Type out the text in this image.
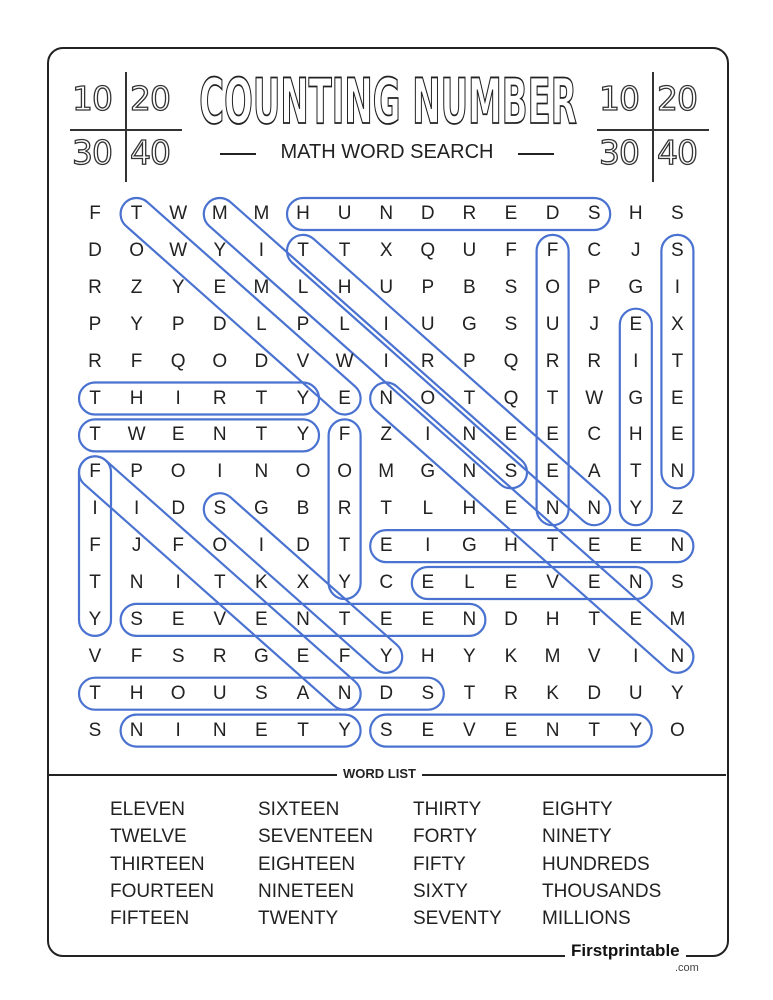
10 20
30 40
10 20
30 40
COUNTING NUMBER
MATH WORD SEARCH
F	T	W	M	M	H	U	N	D	R	E	D	S	H	S
D	O	W	Y	I	T	T	X	Q	U	F	F	C	J	S
R	Z	Y	E	M	L	H	U	P	B	S	O	P	G	I
P	Y	P	D	L	P	L	I	U	G	S	U	J	E	X
R	F	Q	O	D	V	W	I	R	P	Q	R	R	I	T
T	H	I	R	T	Y	E	N	O	T	Q	T	W	G	E
T	W	E	N	T	Y	F	Z	I	N	E	E	C	H	E
F	P	O	I	N	O	O	M	G	N	S	E	A	T	N
I	I	D	S	G	B	R	T	L	H	E	N	N	Y	Z
F	J	F	O	I	D	T	E	I	G	H	T	E	E	N
T	N	I	T	K	X	Y	C	E	L	E	V	E	N	S
Y	S	E	V	E	N	T	E	E	N	D	H	T	E	M
V	F	S	R	G	E	F	Y	H	Y	K	M	V	I	N
T	H	O	U	S	A	N	D	S	T	R	K	D	U	Y
S	N	I	N	E	T	Y	S	E	V	E	N	T	Y	O
WORD LIST
ELEVEN
TWELVE
THIRTEEN
FOURTEEN
FIFTEEN
SIXTEEN
SEVENTEEN
EIGHTEEN
NINETEEN
TWENTY
THIRTY
FORTY
FIFTY
SIXTY
SEVENTY
EIGHTY
NINETY
HUNDREDS
THOUSANDS
MILLIONS
Firstprintable
.com
